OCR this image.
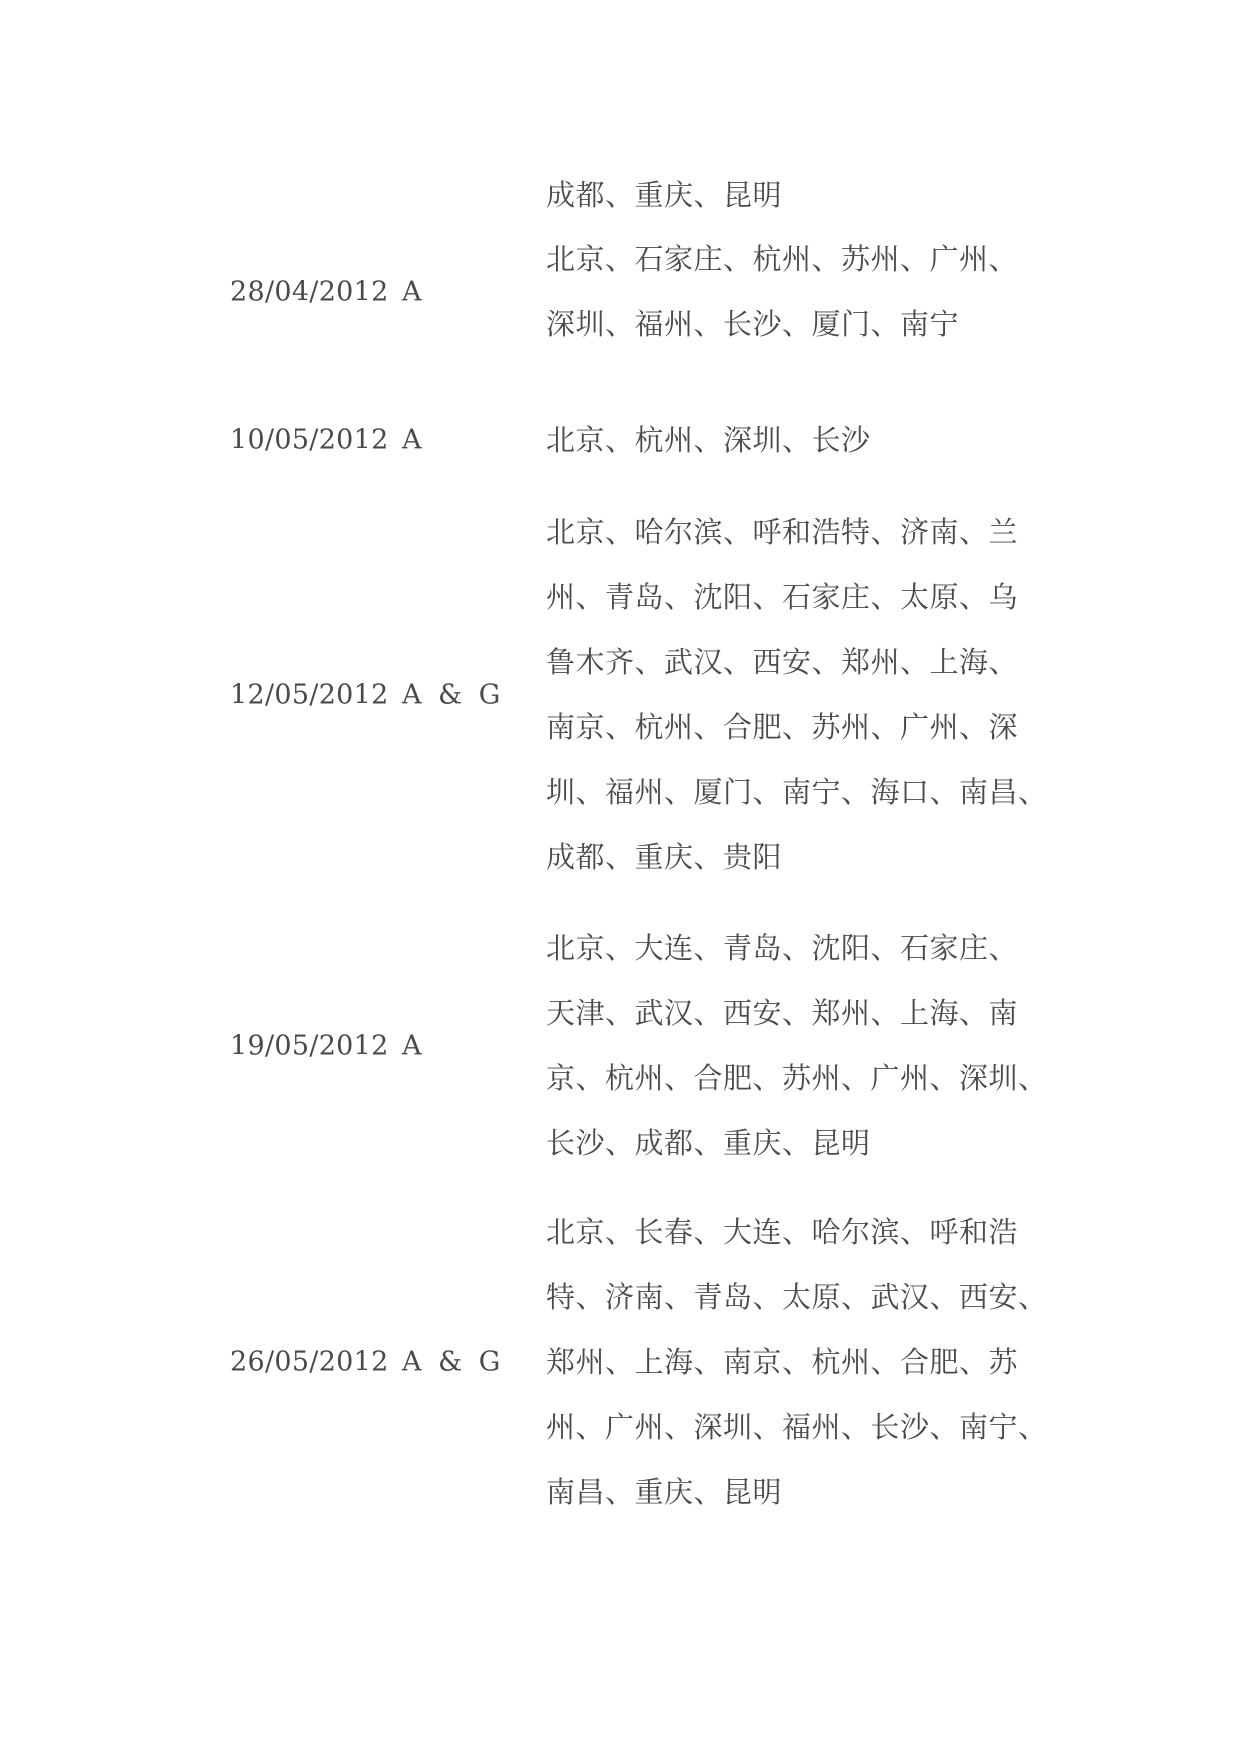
成都、重庆、昆明
28/04/2012 A
北京、石家庄、杭州、苏州、广州、
深圳、福州、长沙、厦门、南宁
10/05/2012 A	北京、杭州、深圳、长沙
12/05/2012 A & G
北京、哈尔滨、呼和浩特、济南、兰
州、青岛、沈阳、石家庄、太原、乌
鲁木齐、武汉、西安、郑州、上海、
南京、杭州、合肥、苏州、广州、深
圳、福州、厦门、南宁、海口、南昌、
成都、重庆、贵阳
19/05/2012 A
北京、大连、青岛、沈阳、石家庄、
天津、武汉、西安、郑州、上海、南
京、杭州、合肥、苏州、广州、深圳、
长沙、成都、重庆、昆明
26/05/2012 A & G
北京、长春、大连、哈尔滨、呼和浩
特、济南、青岛、太原、武汉、西安、
郑州、上海、南京、杭州、合肥、苏
州、广州、深圳、福州、长沙、南宁、
南昌、重庆、昆明
